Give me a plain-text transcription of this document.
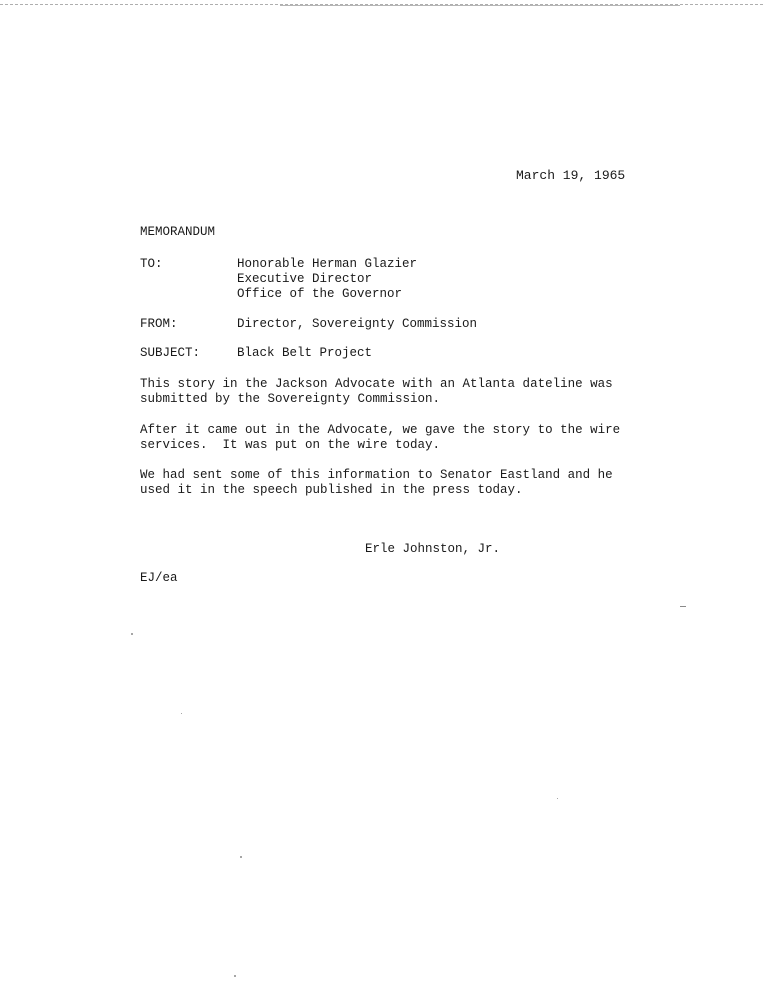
March 19, 1965
MEMORANDUM
TO:	Honorable Herman Glazier
Executive Director
Office of the Governor
FROM:	Director, Sovereignty Commission
SUBJECT:	Black Belt Project
This story in the Jackson Advocate with an Atlanta dateline was
submitted by the Sovereignty Commission.
After it came out in the Advocate, we gave the story to the wire
services.  It was put on the wire today.
We had sent some of this information to Senator Eastland and he
used it in the speech published in the press today.
Erle Johnston, Jr.
EJ/ea
